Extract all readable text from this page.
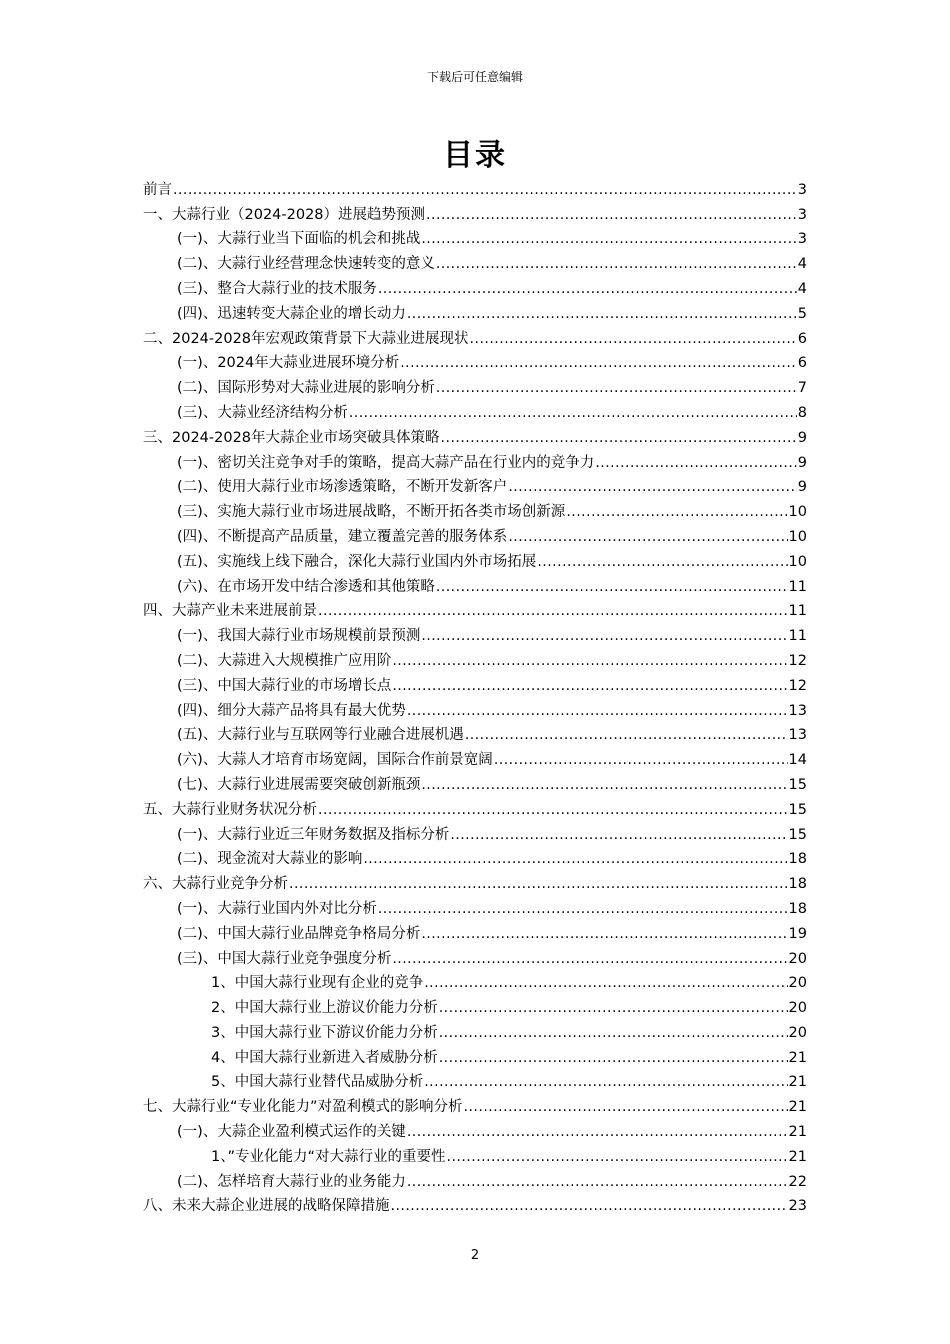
下载后可任意编辑
目录
前言 .....	3
一、大蒜行业（2024-2028）进展趋势预测 .....	3
(一)、大蒜行业当下面临的机会和挑战 .....	3
(二)、大蒜行业经营理念快速转变的意义 .....	4
(三)、整合大蒜行业的技术服务 .....	4
(四)、迅速转变大蒜企业的增长动力 .....	5
二、2024-2028年宏观政策背景下大蒜业进展现状 .....	6
(一)、2024年大蒜业进展环境分析 .....	6
(二)、国际形势对大蒜业进展的影响分析 .....	7
(三)、大蒜业经济结构分析 .....	8
三、2024-2028年大蒜企业市场突破具体策略 .....	9
(一)、密切关注竞争对手的策略，提高大蒜产品在行业内的竞争力 .....	9
(二)、使用大蒜行业市场渗透策略，不断开发新客户 .....	9
(三)、实施大蒜行业市场进展战略，不断开拓各类市场创新源 .....	10
(四)、不断提高产品质量，建立覆盖完善的服务体系 .....	10
(五)、实施线上线下融合，深化大蒜行业国内外市场拓展 .....	10
(六)、在市场开发中结合渗透和其他策略 .....	11
四、大蒜产业未来进展前景 .....	11
(一)、我国大蒜行业市场规模前景预测 .....	11
(二)、大蒜进入大规模推广应用阶 .....	12
(三)、中国大蒜行业的市场增长点 .....	12
(四)、细分大蒜产品将具有最大优势 .....	13
(五)、大蒜行业与互联网等行业融合进展机遇 .....	13
(六)、大蒜人才培育市场宽阔，国际合作前景宽阔 .....	14
(七)、大蒜行业进展需要突破创新瓶颈 .....	15
五、大蒜行业财务状况分析 .....	15
(一)、大蒜行业近三年财务数据及指标分析 .....	15
(二)、现金流对大蒜业的影响 .....	18
六、大蒜行业竞争分析 .....	18
(一)、大蒜行业国内外对比分析 .....	18
(二)、中国大蒜行业品牌竞争格局分析 .....	19
(三)、中国大蒜行业竞争强度分析 .....	20
1、中国大蒜行业现有企业的竞争 .....	20
2、中国大蒜行业上游议价能力分析 .....	20
3、中国大蒜行业下游议价能力分析 .....	20
4、中国大蒜行业新进入者威胁分析 .....	21
5、中国大蒜行业替代品威胁分析 .....	21
七、大蒜行业“专业化能力”对盈利模式的影响分析 .....	21
(一)、大蒜企业盈利模式运作的关键 .....	21
1、”专业化能力“对大蒜行业的重要性 .....	21
(二)、怎样培育大蒜行业的业务能力 .....	22
八、未来大蒜企业进展的战略保障措施 .....	23
2
